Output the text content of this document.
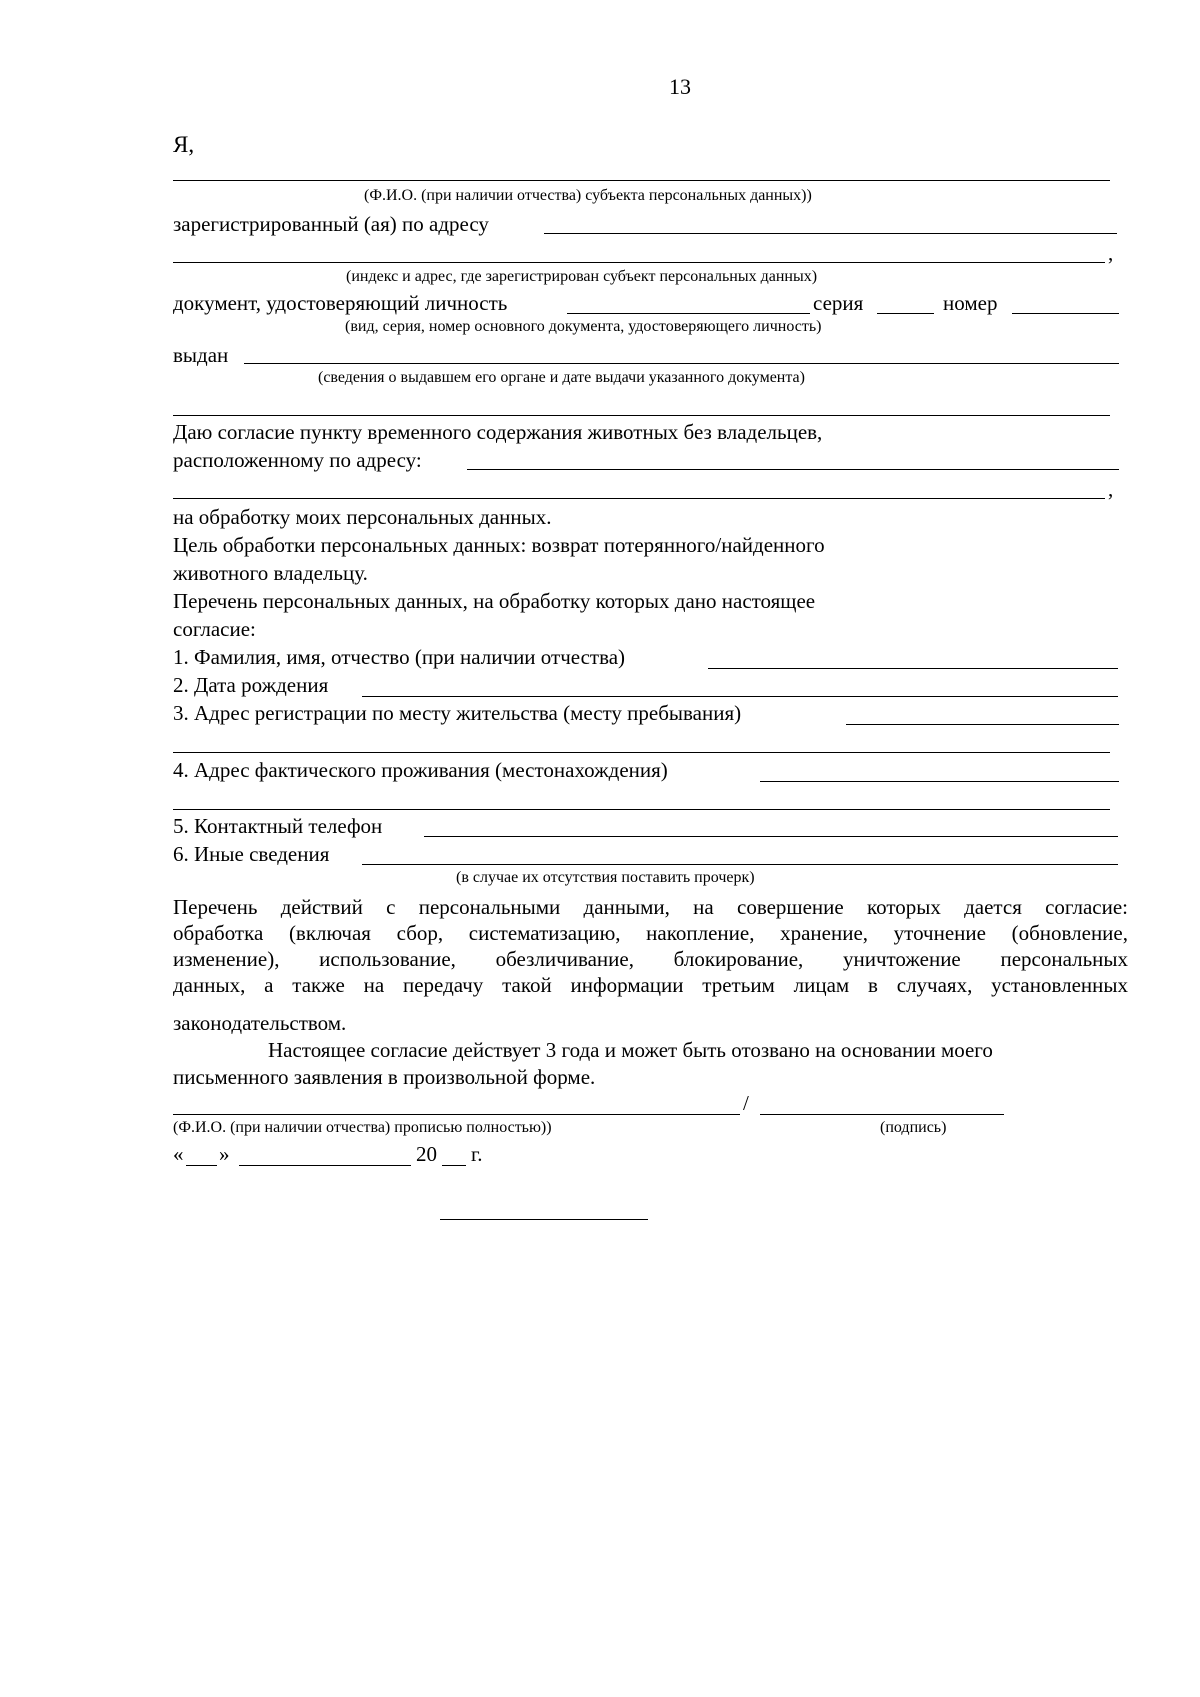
13
Я,
(Ф.И.О. (при наличии отчества) субъекта персональных данных))
зарегистрированный (ая) по адресу
,
(индекс и адрес, где зарегистрирован субъект персональных данных)
документ, удостоверяющий личность	серия	номер
(вид, серия, номер основного документа, удостоверяющего личность)
выдан
(сведения о выдавшем его органе и дате выдачи указанного документа)
Даю согласие пункту временного содержания животных без владельцев,
расположенному по адресу:
,
на обработку моих персональных данных.
Цель обработки персональных данных: возврат потерянного/найденного
животного владельцу.
Перечень персональных данных, на обработку которых дано настоящее
согласие:
1. Фамилия, имя, отчество (при наличии отчества)
2. Дата рождения
3. Адрес регистрации по месту жительства (месту пребывания)
4. Адрес фактического проживания (местонахождения)
5. Контактный телефон
6. Иные сведения
(в случае их отсутствия поставить прочерк)
Перечень действий с персональными данными, на совершение которых дается согласие:
обработка (включая сбор, систематизацию, накопление, хранение, уточнение (обновление,
изменение), использование, обезличивание, блокирование, уничтожение персональных
данных, а также на передачу такой информации третьим лицам в случаях, установленных
законодательством.
Настоящее согласие действует 3 года и может быть отозвано на основании моего
письменного заявления в произвольной форме.
/
(Ф.И.О. (при наличии отчества) прописью полностью))	(подпись)
« »	20 г.
